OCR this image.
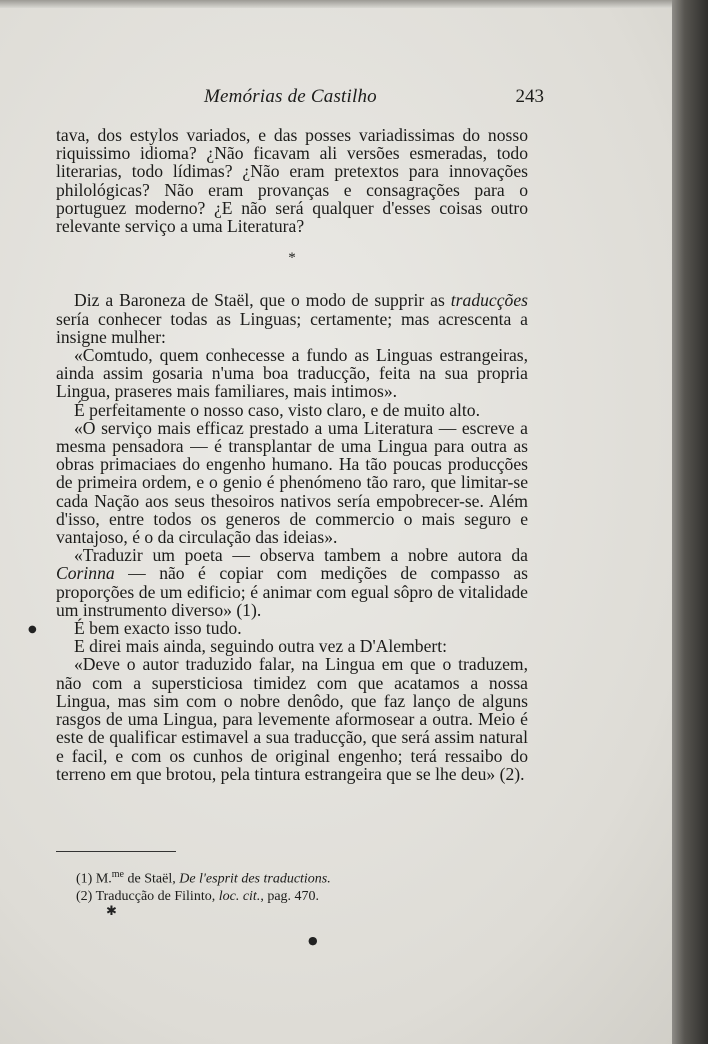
Memórias de Castilho	243

tava, dos estylos variados, e das posses variadissimas do nosso riquissimo idioma? ¿Não ficavam ali versões esmeradas, todo literarias, todo lídimas? ¿Não eram pretextos para innovações philológicas? Não eram provanças e consagrações para o portuguez moderno? ¿E não será qualquer d'esses coisas outro relevante serviço a uma Literatura?

*

Diz a Baroneza de Staël, que o modo de supprir as traducções sería conhecer todas as Linguas; certamente; mas acrescenta a insigne mulher:

«Comtudo, quem conhecesse a fundo as Linguas estrangeiras, ainda assim gosaria n'uma boa traducção, feita na sua propria Lingua, praseres mais familiares, mais intimos».

É perfeitamente o nosso caso, visto claro, e de muito alto.

«O serviço mais efficaz prestado a uma Literatura — escreve a mesma pensadora — é transplantar de uma Lingua para outra as obras primaciaes do engenho humano. Ha tão poucas producções de primeira ordem, e o genio é phenómeno tão raro, que limitar-se cada Nação aos seus thesoiros nativos sería empobrecer-se. Além d'isso, entre todos os generos de commercio o mais seguro e vantajoso, é o da circulação das ideias».

«Traduzir um poeta — observa tambem a nobre autora da Corinna — não é copiar com medições de compasso as proporções de um edificio; é animar com egual sôpro de vitalidade um instrumento diverso» (1).

É bem exacto isso tudo.

E direi mais ainda, seguindo outra vez a D'Alembert:

«Deve o autor traduzido falar, na Lingua em que o traduzem, não com a supersticiosa timidez com que acatamos a nossa Lingua, mas sim com o nobre denôdo, que faz lanço de alguns rasgos de uma Lingua, para levemente aformosear a outra. Meio é este de qualificar estimavel a sua traducção, que será assim natural e facil, e com os cunhos de original engenho; terá ressaibo do terreno em que brotou, pela tintura estrangeira que se lhe deu» (2).

(1) M.$^{me}$ de Staël, De l'esprit des traductions.

(2) Traducção de Filinto, loc. cit., pag. 470.

✱
●
●
